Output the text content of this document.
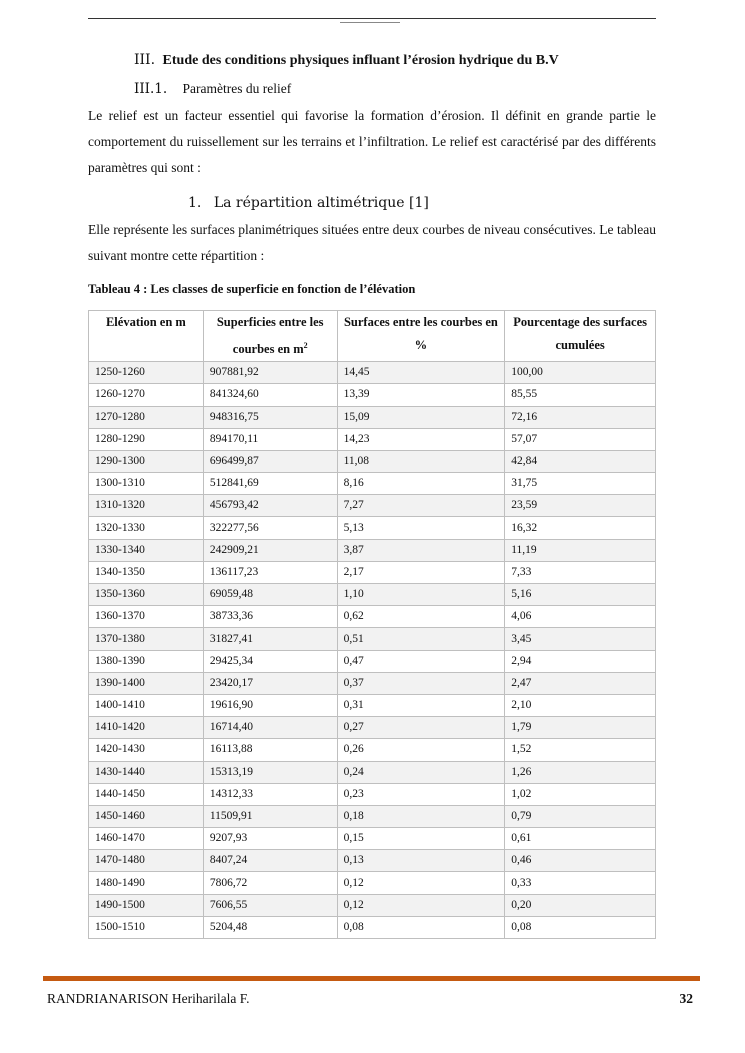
III. Etude des conditions physiques influant l’érosion hydrique du B.V
III.1. Paramètres du relief
Le relief est un facteur essentiel qui favorise la formation d’érosion. Il définit en grande partie le comportement du ruissellement sur les terrains et l’infiltration. Le relief est caractérisé par des différents paramètres qui sont :
1. La répartition altimétrique [1]
Elle représente les surfaces planimétriques situées entre deux courbes de niveau consécutives. Le tableau suivant montre cette répartition :
Tableau 4 : Les classes de superficie en fonction de l’élévation
Elévation en m	Superficies entre les courbes en $m^2$	Surfaces entre les courbes en %	Pourcentage des surfaces cumulées
1250-1260	907881,92	14,45	100,00
1260-1270	841324,60	13,39	85,55
1270-1280	948316,75	15,09	72,16
1280-1290	894170,11	14,23	57,07
1290-1300	696499,87	11,08	42,84
1300-1310	512841,69	8,16	31,75
1310-1320	456793,42	7,27	23,59
1320-1330	322277,56	5,13	16,32
1330-1340	242909,21	3,87	11,19
1340-1350	136117,23	2,17	7,33
1350-1360	69059,48	1,10	5,16
1360-1370	38733,36	0,62	4,06
1370-1380	31827,41	0,51	3,45
1380-1390	29425,34	0,47	2,94
1390-1400	23420,17	0,37	2,47
1400-1410	19616,90	0,31	2,10
1410-1420	16714,40	0,27	1,79
1420-1430	16113,88	0,26	1,52
1430-1440	15313,19	0,24	1,26
1440-1450	14312,33	0,23	1,02
1450-1460	11509,91	0,18	0,79
1460-1470	9207,93	0,15	0,61
1470-1480	8407,24	0,13	0,46
1480-1490	7806,72	0,12	0,33
1490-1500	7606,55	0,12	0,20
1500-1510	5204,48	0,08	0,08
RANDRIANARISON Heriharilala F.	32
